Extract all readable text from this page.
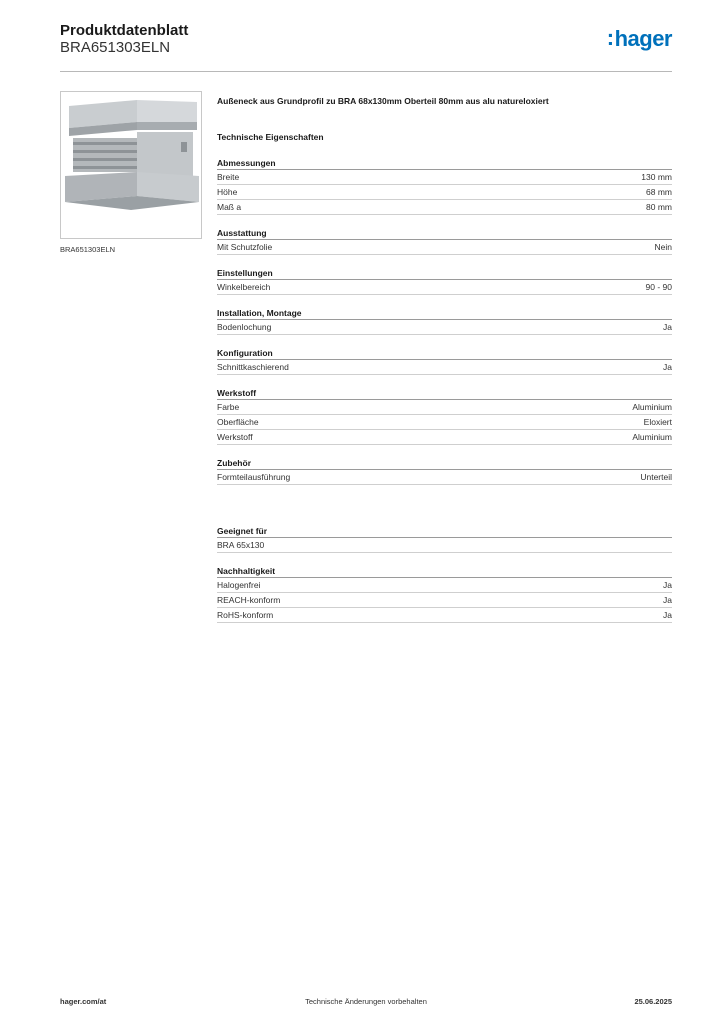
Produktdatenblatt
BRA651303ELN	:hager
BRA651303ELN
Außeneck aus Grundprofil zu BRA 68x130mm Oberteil 80mm aus alu natureloxiert
Technische Eigenschaften
Abmessungen
Breite	130 mm
Höhe	68 mm
Maß a	80 mm
Ausstattung
Mit Schutzfolie	Nein
Einstellungen
Winkelbereich	90 - 90
Installation, Montage
Bodenlochung	Ja
Konfiguration
Schnittkaschierend	Ja
Werkstoff
Farbe	Aluminium
Oberfläche	Eloxiert
Werkstoff	Aluminium
Zubehör
Formteilausführung	Unterteil
Geeignet für
BRA 65x130
Nachhaltigkeit
Halogenfrei	Ja
REACH-konform	Ja
RoHS-konform	Ja
Technische Änderungen vorbehalten
hager.com/at	25.06.2025
